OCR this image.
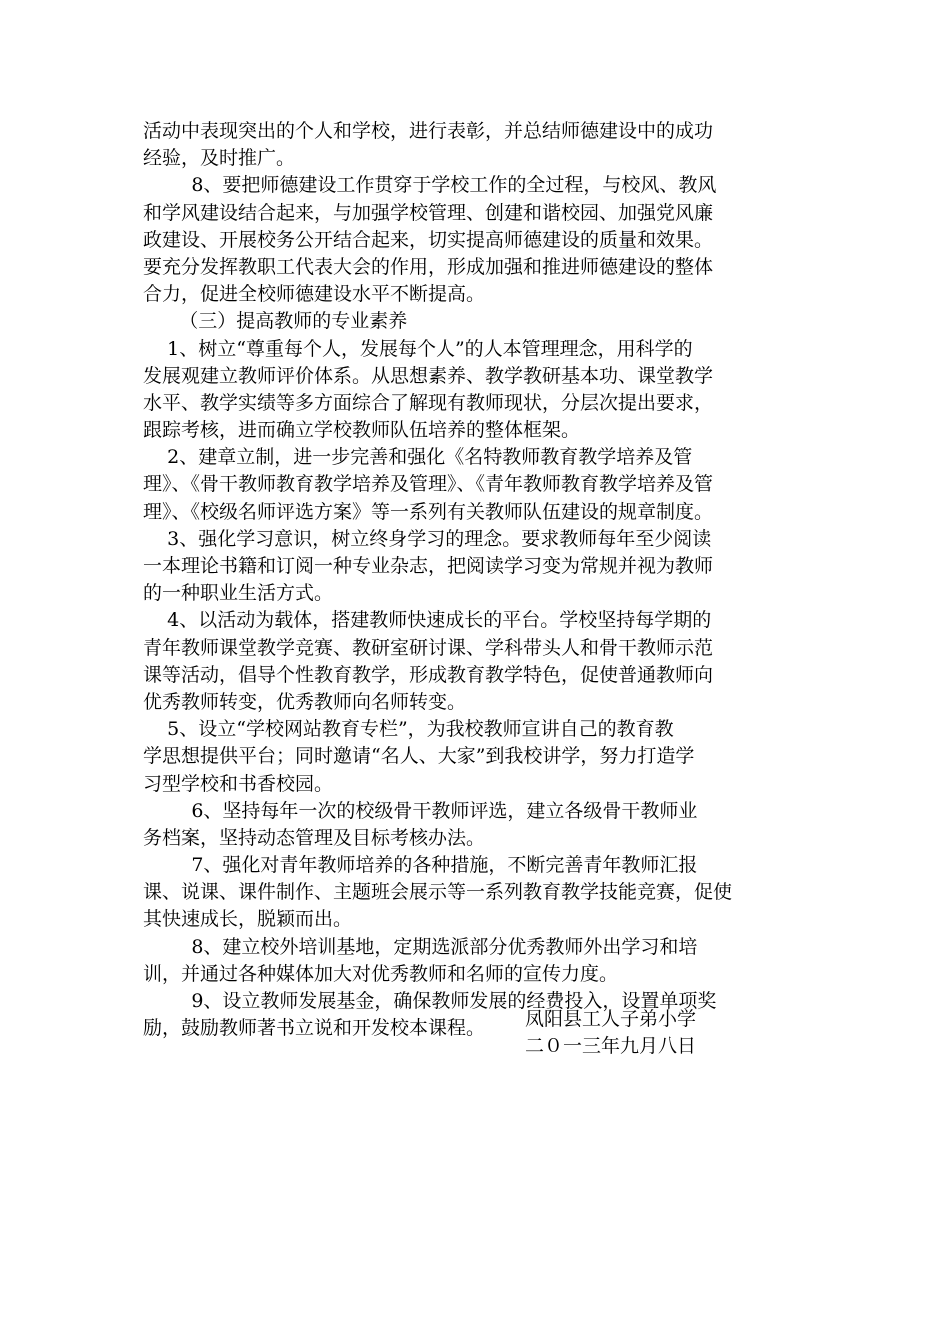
活动中表现突出的个人和学校，进行表彰，并总结师德建设中的成功
经验，及时推广。
8、要把师德建设工作贯穿于学校工作的全过程，与校风、教风
和学风建设结合起来，与加强学校管理、创建和谐校园、加强党风廉
政建设、开展校务公开结合起来，切实提高师德建设的质量和效果。
要充分发挥教职工代表大会的作用，形成加强和推进师德建设的整体
合力，促进全校师德建设水平不断提高。
（三）提高教师的专业素养
1、树立“尊重每个人，发展每个人”的人本管理理念，用科学的
发展观建立教师评价体系。从思想素养、教学教研基本功、课堂教学
水平、教学实绩等多方面综合了解现有教师现状，分层次提出要求，
跟踪考核，进而确立学校教师队伍培养的整体框架。
2、建章立制，进一步完善和强化《名特教师教育教学培养及管
理》、《骨干教师教育教学培养及管理》、《青年教师教育教学培养及管
理》、《校级名师评选方案》等一系列有关教师队伍建设的规章制度。
3、强化学习意识，树立终身学习的理念。要求教师每年至少阅读
一本理论书籍和订阅一种专业杂志，把阅读学习变为常规并视为教师
的一种职业生活方式。
4、以活动为载体，搭建教师快速成长的平台。学校坚持每学期的
青年教师课堂教学竞赛、教研室研讨课、学科带头人和骨干教师示范
课等活动，倡导个性教育教学，形成教育教学特色，促使普通教师向
优秀教师转变，优秀教师向名师转变。
5、设立“学校网站教育专栏”，为我校教师宣讲自己的教育教
学思想提供平台；同时邀请“名人、大家”到我校讲学，努力打造学
习型学校和书香校园。
6、坚持每年一次的校级骨干教师评选，建立各级骨干教师业
务档案，坚持动态管理及目标考核办法。
7、强化对青年教师培养的各种措施，不断完善青年教师汇报
课、说课、课件制作、主题班会展示等一系列教育教学技能竞赛，促使
其快速成长，脱颖而出。
8、建立校外培训基地，定期选派部分优秀教师外出学习和培
训，并通过各种媒体加大对优秀教师和名师的宣传力度。
9、设立教师发展基金，确保教师发展的经费投入，设置单项奖
励，鼓励教师著书立说和开发校本课程。	凤阳县工人子弟小学
二０一三年九月八日
